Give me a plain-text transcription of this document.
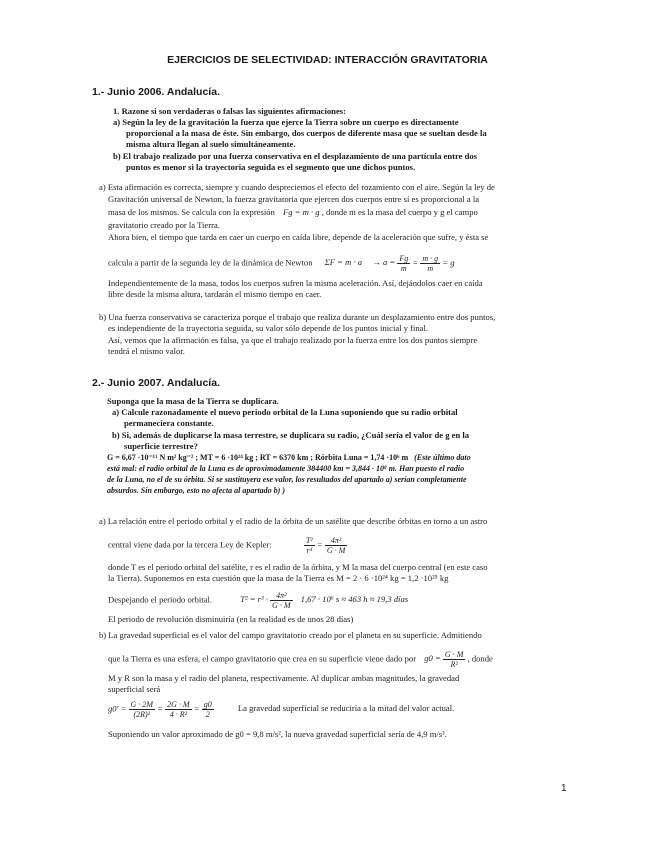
EJERCICIOS DE SELECTIVIDAD: INTERACCIÓN GRAVITATORIA
1.- Junio 2006. Andalucía.
1. Razone si son verdaderas o falsas las siguientes afirmaciones:
a) Según la ley de la gravitación la fuerza que ejerce la Tierra sobre un cuerpo es directamente
proporcional a la masa de éste. Sin embargo, dos cuerpos de diferente masa que se sueltan desde la
misma altura llegan al suelo simultáneamente.
b) El trabajo realizado por una fuerza conservativa en el desplazamiento de una partícula entre dos
puntos es menor si la trayectoria seguida es el segmento que une dichos puntos.
a) Esta afirmación es correcta, siempre y cuando despreciemos el efecto del rozamiento con el aire. Según la ley de
Gravitación universal de Newton, la fuerza gravitatoria que ejercen dos cuerpos entre sí es proporcional a la
masa de los mismos. Se calcula con la expresión Fg = m · g , donde m es la masa del cuerpo y g el campo
gravitatorio creado por la Tierra.
Ahora bien, el tiempo que tarda en caer un cuerpo en caída libre, depende de la aceleración que sufre, y ésta se
calcula a partir de la segunda ley de la dinámica de Newton $\Sigma F = m \cdot a \to a = \frac{Fg}{m} = \frac{m \cdot g}{m} = g$
Independientemente de la masa, todos los cuerpos sufren la misma aceleración. Así, dejándolos caer en caída
libre desde la misma altura, tardarán el mismo tiempo en caer.
b) Una fuerza conservativa se caracteriza porque el trabajo que realiza durante un desplazamiento entre dos puntos,
es independiente de la trayectoria seguida, su valor sólo depende de los puntos inicial y final.
Así, vemos que la afirmación es falsa, ya que el trabajo realizado por la fuerza entre los dos puntos siempre
tendrá el mismo valor.
2.- Junio 2007. Andalucía.
Suponga que la masa de la Tierra se duplicara.
a) Calcule razonadamente el nuevo periodo orbital de la Luna suponiendo que su radio orbital
permaneciera constante.
b) Si, además de duplicarse la masa terrestre, se duplicara su radio, ¿Cuál sería el valor de g en la
superficie terrestre?
G = 6,67 ·10⁻¹¹ N m² kg⁻² ; MT = 6 ·10²⁴ kg ; RT = 6370 km ; Rórbita Luna = 1,74 ·10⁶ m (Este último dato
está mal: el radio orbital de la Luna es de aproximadamente 384400 km = 3,844 · 10⁸ m. Han puesto el radio
de la Luna, no el de su órbita. Si se sustituyera ese valor, los resultados del apartado a) serían completamente
absurdos. Sin embargo, esto no afecta al apartado b) )
a) La relación entre el periodo orbital y el radio de la órbita de un satélite que describe órbitas en torno a un astro
central viene dada por la tercera Ley de Kepler:	$\frac{\text{T²}}{\text{r³}} = \frac{\text{4π²}}{G \cdot M}$
donde T es el periodo orbital del satélite, r es el radio de la órbita, y M la masa del cuerpo central (en este caso
la Tierra). Suponemos en esta cuestión que la masa de la Tierra es M = 2 · 6 ·10²⁴ kg = 1,2 ·10²⁵ kg
Despejando el periodo orbital.	$T^2 = r^3 \cdot \frac{\text{4π²}}{G \cdot M} 1,67 \cdot 10^6$ s ≈ 463 h ≈ 19,3 días
El periodo de revolución disminuiría (en la realidad es de unos 28 días)
b) La gravedad superficial es el valor del campo gravitatorio creado por el planeta en su superficie. Admitiendo
que la Tierra es una esfera, el campo gravitatorio que crea en su superficie viene dado por $g0 = \frac{G \cdot M}{\text{R²}}$ , donde
M y R son la masa y el radio del planeta, respectivamente. Al duplicar ambas magnitudes, la gravedad
superficial será
$g0' = \frac{G \cdot 2M}{\text{(2R)²}} = \frac{2G \cdot M}{\text{4 · R²}} = \frac{g0}{2}$	La gravedad superficial se reduciría a la mitad del valor actual.
Suponiendo un valor aproximado de g0 = 9,8 m/s², la nueva gravedad superficial sería de 4,9 m/s².
1
